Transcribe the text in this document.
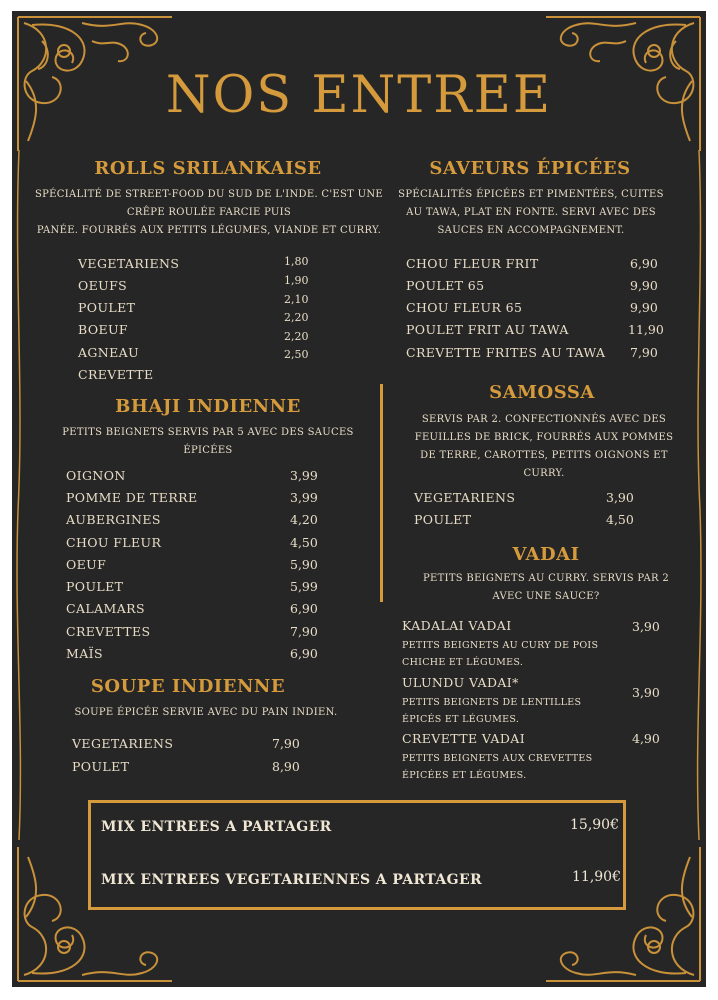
NOS ENTREE
ROLLS SRILANKAISE
SPÉCIALITÉ DE STREET-FOOD DU SUD DE L'INDE. C'EST UNE
CRÊPE ROULÉE FARCIE PUIS
PANÉE. FOURRÉS AUX PETITS LÉGUMES, VIANDE ET CURRY.
VEGETARIENS
OEUFS
POULET
BOEUF
AGNEAU
CREVETTE
1,80
1,90
2,10
2,20
2,20
2,50
BHAJI INDIENNE
PETITS BEIGNETS SERVIS PAR 5 AVEC DES SAUCES
ÉPICÉES
OIGNON
POMME DE TERRE
AUBERGINES
CHOU FLEUR
OEUF
POULET
CALAMARS
CREVETTES
MAÏS
3,99
3,99
4,20
4,50
5,90
5,99
6,90
7,90
6,90
SOUPE INDIENNE
SOUPE ÉPICÉE SERVIE AVEC DU PAIN INDIEN.
VEGETARIENS
POULET
7,90
8,90
SAVEURS ÉPICÉES
SPÉCIALITÉS ÉPICÉES ET PIMENTÉES, CUITES
AU TAWA, PLAT EN FONTE. SERVI AVEC DES
SAUCES EN ACCOMPAGNEMENT.
CHOU FLEUR FRIT
POULET 65
CHOU FLEUR 65
POULET FRIT AU TAWA
CREVETTE FRITES AU TAWA
6,90
9,90
9,90
11,90
7,90
SAMOSSA
SERVIS PAR 2. CONFECTIONNÉS AVEC DES
FEUILLES DE BRICK, FOURRÉS AUX POMMES
DE TERRE, CAROTTES, PETITS OIGNONS ET
CURRY.
VEGETARIENS
POULET
3,90
4,50
VADAI
PETITS BEIGNETS AU CURRY. SERVIS PAR 2
AVEC UNE SAUCE?
KADALAI VADAI
PETITS BEIGNETS AU CURY DE POIS
CHICHE ET LÉGUMES.
3,90
ULUNDU VADAI*
PETITS BEIGNETS DE LENTILLES
ÉPICÉS ET LÉGUMES.
3,90
CREVETTE VADAI
PETITS BEIGNETS AUX CREVETTES
ÉPICÉES ET LÉGUMES.
4,90
MIX ENTREES A PARTAGER	15,90€
MIX ENTREES VEGETARIENNES A PARTAGER	11,90€
